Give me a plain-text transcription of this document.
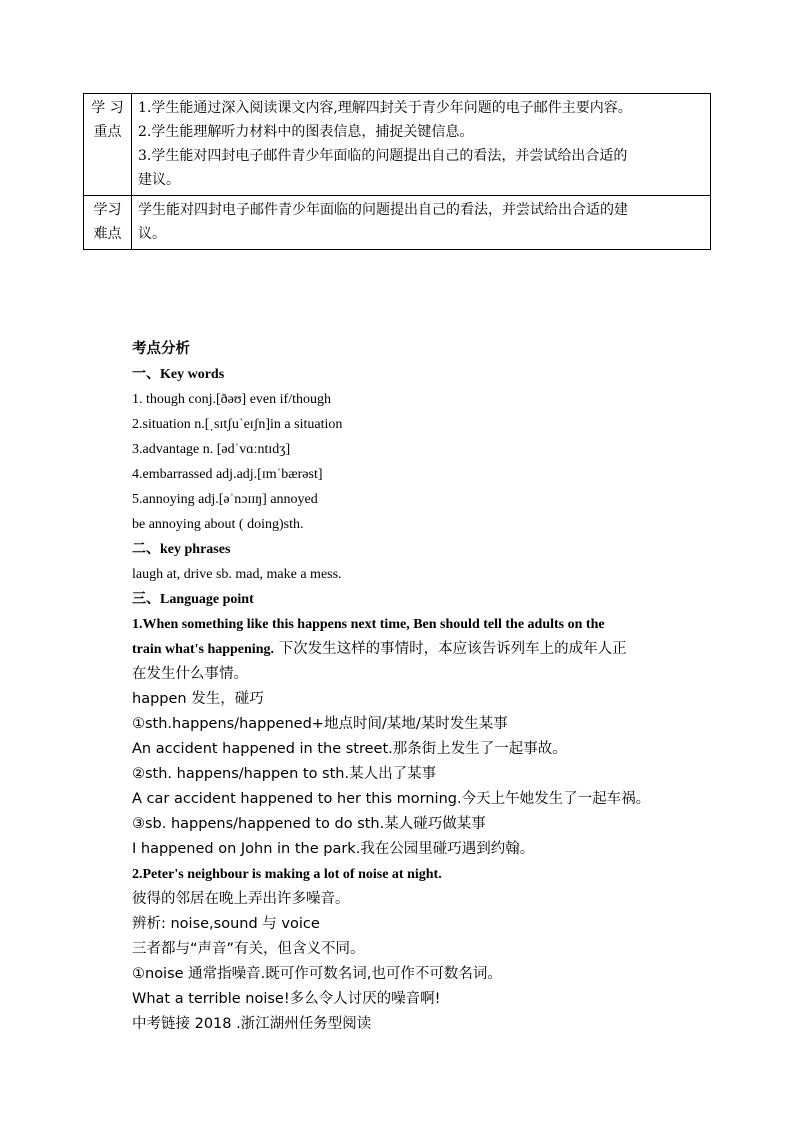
学 习
重点	1.学生能通过深入阅读课文内容,理解四封关于青少年问题的电子邮件主要内容。
2.学生能理解听力材料中的图表信息，捕捉关键信息。
3.学生能对四封电子邮件青少年面临的问题提出自己的看法，并尝试给出合适的
建议。

学习
难点	学生能对四封电子邮件青少年面临的问题提出自己的看法，并尝试给出合适的建
议。
考点分析
一、Key words
1. though conj.[ðəʊ] even if/though
2.situation n.[ˌsɪtʃuˈeɪʃn]in a situation
3.advantage n. [ədˈvɑːntɪdʒ]
4.embarrassed adj.adj.[ɪmˈbærəst]
5.annoying adj.[əˈnɔɪɪŋ] annoyed
be annoying about ( doing)sth.
二、key phrases
laugh at, drive sb. mad, make a mess.
三、Language point
1.When something like this happens next time, Ben should tell the adults on the
train what's happening. 下次发生这样的事情时，本应该告诉列车上的成年人正
在发生什么事情。
happen 发生，碰巧
①sth.happens/happened+地点时间/某地/某时发生某事
An accident happened in the street.那条街上发生了一起事故。
②sth. happens/happen to sth.某人出了某事
A car accident happened to her this morning.今天上午她发生了一起车祸。
③sb. happens/happened to do sth.某人碰巧做某事
I happened on John in the park.我在公园里碰巧遇到约翰。
2.Peter's neighbour is making a lot of noise at night.
彼得的邻居在晚上弄出许多噪音。
辨析: noise,sound 与 voice
三者都与“声音”有关，但含义不同。
①noise 通常指噪音.既可作可数名词,也可作不可数名词。
What a terrible noise!多么令人讨厌的噪音啊!
中考链接 2018 .浙江湖州任务型阅读
